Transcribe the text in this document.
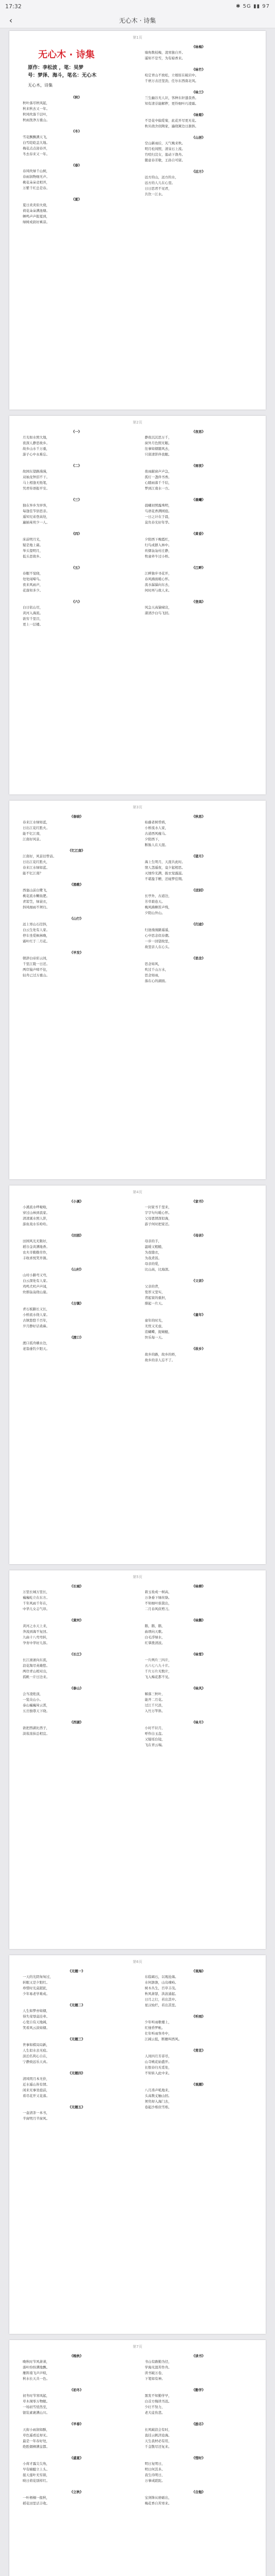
17:32	✱ 5G ▮▮ 97
‹	无心木 · 诗集
第1页
无心木 · 诗集
原作：李松波 ，笔：吴梦
号：梦泽、海斗，笔名：无心木
无心木，诗集
《秋》
秋叶落尽秋风起，
秋来秋去又一年。
秋风吹落千层叶，
秋雨洗净万重山。
《冬》
雪花飘飘满天飞，
白雪皑皑盖大地。
梅花点点迎春开，
冬去春来又一年。
《春》
春风吹绿千山树，
春雨润物细无声。
桃花朵朵竞相开，
万紫千红总是春。
《夏》
夏日炎炎似火烧，
荷花朵朵满池塘。
蝉鸣声声报夏到，
绿树成荫好乘凉。
《咏梅》
墙角数枝梅，凌寒独自开。
遥知不是雪，为有暗香来。
《咏竹》
咬定青山不放松，立根原在破岩中。
千磨万击还坚劲，任尔东西南北风。
《咏兰》
兰生幽谷无人识，客种东轩遗我香。
知有清芬能解秽，更怜细叶巧凌霜。
《咏菊》
不是花中偏爱菊，此花开尽更无花。
秋丛绕舍似陶家，遍绕篱边日渐斜。
《山居》
空山新雨后，天气晚来秋。
明月松间照，清泉石上流。
竹喧归浣女，莲动下渔舟。
随意春芳歇，王孙自可留。
《远方》
远方的山，远方的水，
远方的人儿在心里。
日日思君不见君，
共饮一江水。
第2页
《一》
月光如水照大地，
夜深人静思故乡。
故乡山水千万重，
游子心中永难忘。
《二》
故园东望路漫漫，
双袖龙钟泪不干。
马上相逢无纸笔，
凭君传语报平安。
《三》
独在异乡为异客，
每逢佳节倍思亲。
遥知兄弟登高处，
遍插茱萸少一人。
《四》
床前明月光，
疑是地上霜。
举头望明月，
低头思故乡。
《五》
春眠不觉晓，
处处闻啼鸟。
夜来风雨声，
花落知多少。
《六》
白日依山尽，
黄河入海流。
欲穷千里目，
更上一层楼。
《夜思》
静夜沉沉思万千，
窗外月色照无眠。
往事如烟随风去，
只留清影伴我眠。
《雨夜》
夜雨敲窗声声急，
孤灯一盏伴书香。
心随雨落千千结，
梦到江南水一方。
《晨曦》
晨曦初照露珠明，
鸟语花香满园庭。
一日之计在于晨，
莫负春光好年华。
《黄昏》
夕阳西下晚霞红，
归鸟成群入林中。
炊烟袅袅村庄静，
牧童牵牛过小桥。
《江畔》
江畔独步寻花开，
春风拂面暖心怀。
流水潺潺向东去，
何时再与故人来。
《登高》
风急天高猿啸哀，
渚清沙白鸟飞回。
第3页
《春晓》
春来江水绿如蓝，
日出江花红胜火。
能不忆江南，
江南好风景。
《忆江南》
江南好，风景旧曾谙。
日出江花红胜火，
春来江水绿如蓝。
能不忆江南？
《渔歌》
西塞山前白鹭飞，
桃花流水鳜鱼肥。
青箬笠，绿蓑衣，
斜风细雨不须归。
《山行》
远上寒山石径斜，
白云生处有人家。
停车坐爱枫林晚，
霜叶红于二月花。
《早发》
朝辞白帝彩云间，
千里江陵一日还。
两岸猿声啼不住，
轻舟已过万重山。
《秋思》
枯藤老树昏鸦，
小桥流水人家，
古道西风瘦马。
夕阳西下，
断肠人在天涯。
《望月》
海上生明月，天涯共此时。
情人怨遥夜，竟夕起相思。
灭烛怜光满，披衣觉露滋。
不堪盈手赠，还寝梦佳期。
《送别》
长亭外，古道边，
芳草碧连天。
晚风拂柳笛声残，
夕阳山外山。
《归途》
归途漫漫路遥遥，
心中思念似春潮。
一步一回望故里，
故里亲人在心头。
《思念》
思念如风，
吹过千山万水，
思念如雨，
落在心的湖面。
第4页
《小溪》
小溪流水哗啦啦，
穿过山林到我家。
清清溪水照人影，
游鱼戏水乐哈哈。
《田园》
田园风光无限好，
稻谷金黄满地香。
农夫辛勤勤劳作，
丰收喜悦笑开颜。
《山村》
山村小路弯又弯，
白云深处有人家。
鸡鸣犬吠声声闻，
炊烟袅袅绕山崖。
《古镇》
青石板路长又长，
小桥流水绕人家。
古镇悠悠千百年，
岁月静好话桑麻。
《渡口》
渡口孤舟横水边，
老翁垂钓夕阳天。
《家书》
一封家书千里来，
字字句句暖心怀。
父母恩情深似海，
游子何时把家还。
《母亲》
母亲的手，
温暖又粗糙，
为我缝衣，
为我煮饭。
母亲的爱，
比山高，比海深。
《父亲》
父亲的背，
宽厚又坚实，
背起家的重担，
撑起一片天。
《童年》
童年的时光，
无忧又无虑，
追蝴蝶，捉蜻蜓，
快乐每一天。
《故乡》
故乡的路，故乡的桥，
故乡的亲人忘不了。
第5页
《长城》
万里长城万里长，
巍巍屹立在东方。
千年风雨千年在，
中华儿女志气昂。
《黄河》
黄河之水天上来，
奔流到海不复回。
九曲十八弯弯转，
孕育中华好儿郎。
《长江》
长江滚滚向东流，
浪花淘尽英雄愁。
两岸青山相对出，
孤帆一片日边来。
《泰山》
会当凌绝顶，
一览众山小。
泰山巍巍耸云霄，
五岳独尊天下晓。
《西湖》
欲把西湖比西子，
淡妆浓抹总相宜。
《咏柳》
碧玉妆成一树高，
万条垂下绿丝绦。
不知细叶谁裁出，
二月春风似剪刀。
《咏鹅》
鹅，鹅，鹅，
曲项向天歌。
白毛浮绿水，
红掌拨清波。
《咏雪》
一片两片三四片，
五六七八九十片。
千片万片无数片，
飞入梅花都不见。
《咏风》
解落三秋叶，
能开二月花。
过江千尺浪，
入竹万竿斜。
《咏月》
小时不识月，
呼作白玉盘。
又疑瑶台镜，
飞在青云端。
第6页
《无题一》
一天的光阴匆匆过，
转眼又是夕阳红。
珍惜时光莫蹉跎，
少年易老学难成。
《无题二》
人生如梦亦如烟，
得失荣辱莫挂牵。
心宽自有天地阔，
笑看风云淡如烟。
《无题三》
世事如棋局局新，
人生似水去无痕。
淡泊名利心自在，
宁静致远乐天真。
《无题四》
清风明月本无价，
近水遥山皆有情。
闲来无事坐庭前，
看尽花开又花落。
《无题五》
一壶清茶一本书，
半窗明月半窗风。
《观海》
东临碣石，以观沧海。
水何澹澹，山岛竦峙。
树木丛生，百草丰茂。
秋风萧瑟，洪波涌起。
日月之行，若出其中。
星汉灿烂，若出其里。
《听雨》
少年听雨歌楼上，
红烛昏罗帐。
壮年听雨客舟中，
江阔云低，断雁叫西风。
《赏花》
人间四月芳菲尽，
山寺桃花始盛开。
长恨春归无觅处，
不知转入此中来。
《观潮》
八月涛声吼地来，
头高数丈触山回。
须臾却入海门去，
卷起沙堆似雪堆。
第7页
《晚秋》
晚秋时节风萧萧，
落叶纷纷满地飘。
雁阵南飞声声唳，
秋水长天共一色。
《初冬》
初冬时节寒风起，
草木凋零万物眠。
一场初雪悄然至，
银装素裹满山川。
《早春》
天街小雨润如酥，
草色遥看近却无。
最是一年春好处，
绝胜烟柳满皇都。
《盛夏》
小荷才露尖尖角，
早有蜻蜓立上头。
接天莲叶无穷碧，
映日荷花别样红。
《立秋》
一叶梧桐一报秋，
稻花田里话丰收。
《读书》
书山有路勤为径，
学海无涯苦作舟。
读书破万卷，
下笔如有神。
《勤学》
黑发不知勤学早，
白首方悔读书迟。
少壮不努力，
老大徒伤悲。
《励志》
长风破浪会有时，
直挂云帆济沧海。
天生我材必有用，
千金散尽还复来。
《惜时》
明日复明日，
明日何其多。
我生待明日，
万事成蹉跎。
《自勉》
宝剑锋从磨砺出，
梅花香自苦寒来。
